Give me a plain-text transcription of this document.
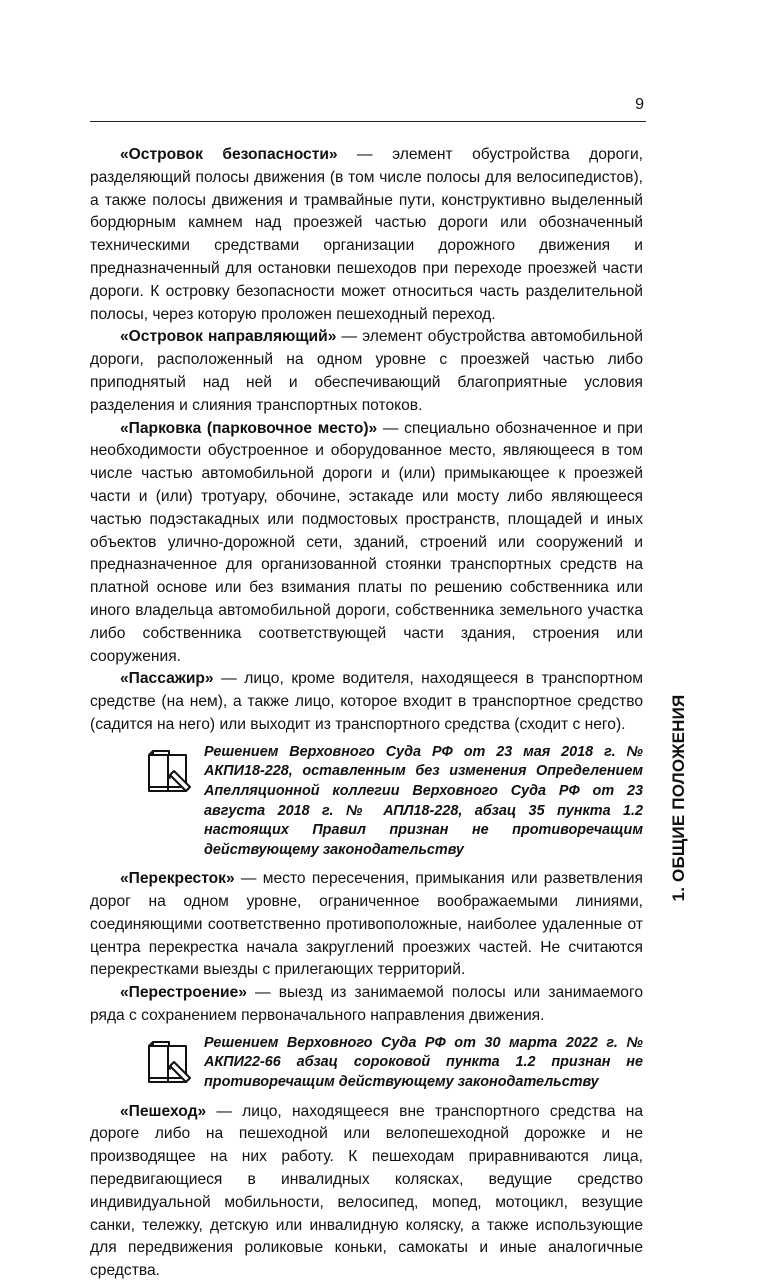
9
1. ОБЩИЕ ПОЛОЖЕНИЯ

«Островок безопасности» — элемент обустройства дороги, разделяющий полосы движения (в том числе полосы для велосипедистов), а также полосы движения и трамвайные пути, конструктивно выделенный бордюрным камнем над проезжей частью дороги или обозначенный техническими средствами организации дорожного движения и предназначенный для остановки пешеходов при переходе проезжей части дороги. К островку безопасности может относиться часть разделительной полосы, через которую проложен пешеходный переход.

«Островок направляющий» — элемент обустройства автомобильной дороги, расположенный на одном уровне с проезжей частью либо приподнятый над ней и обеспечивающий благоприятные условия разделения и слияния транспортных потоков.

«Парковка (парковочное место)» — специально обозначенное и при необходимости обустроенное и оборудованное место, являющееся в том числе частью автомобильной дороги и (или) примыкающее к проезжей части и (или) тротуару, обочине, эстакаде или мосту либо являющееся частью подэстакадных или подмостовых пространств, площадей и иных объектов улично-дорожной сети, зданий, строений или сооружений и предназначенное для организованной стоянки транспортных средств на платной основе или без взимания платы по решению собственника или иного владельца автомобильной дороги, собственника земельного участка либо собственника соответствующей части здания, строения или сооружения.

«Пассажир» — лицо, кроме водителя, находящееся в транспортном средстве (на нем), а также лицо, которое входит в транспортное средство (садится на него) или выходит из транспортного средства (сходит с него).

Решением Верховного Суда РФ от 23 мая 2018 г. № АКПИ18-228, оставленным без изменения Определением Апелляционной коллегии Верховного Суда РФ от 23 августа 2018 г. № АПЛ18-228, абзац 35 пункта 1.2 настоящих Правил признан не противоречащим действующему законодательству

«Перекресток» — место пересечения, примыкания или разветвления дорог на одном уровне, ограниченное воображаемыми линиями, соединяющими соответственно противоположные, наиболее удаленные от центра перекрестка начала закруглений проезжих частей. Не считаются перекрестками выезды с прилегающих территорий.

«Перестроение» — выезд из занимаемой полосы или занимаемого ряда с сохранением первоначального направления движения.

Решением Верховного Суда РФ от 30 марта 2022 г. № АКПИ22-66 абзац сороковой пункта 1.2 признан не противоречащим действующему законодательству

«Пешеход» — лицо, находящееся вне транспортного средства на дороге либо на пешеходной или велопешеходной дорожке и не производящее на них работу. К пешеходам приравниваются лица, передвигающиеся в инвалидных колясках, ведущие средство индивидуальной мобильности, велосипед, мопед, мотоцикл, везущие санки, тележку, детскую или инвалидную коляску, а также использующие для передвижения роликовые коньки, самокаты и иные аналогичные средства.
